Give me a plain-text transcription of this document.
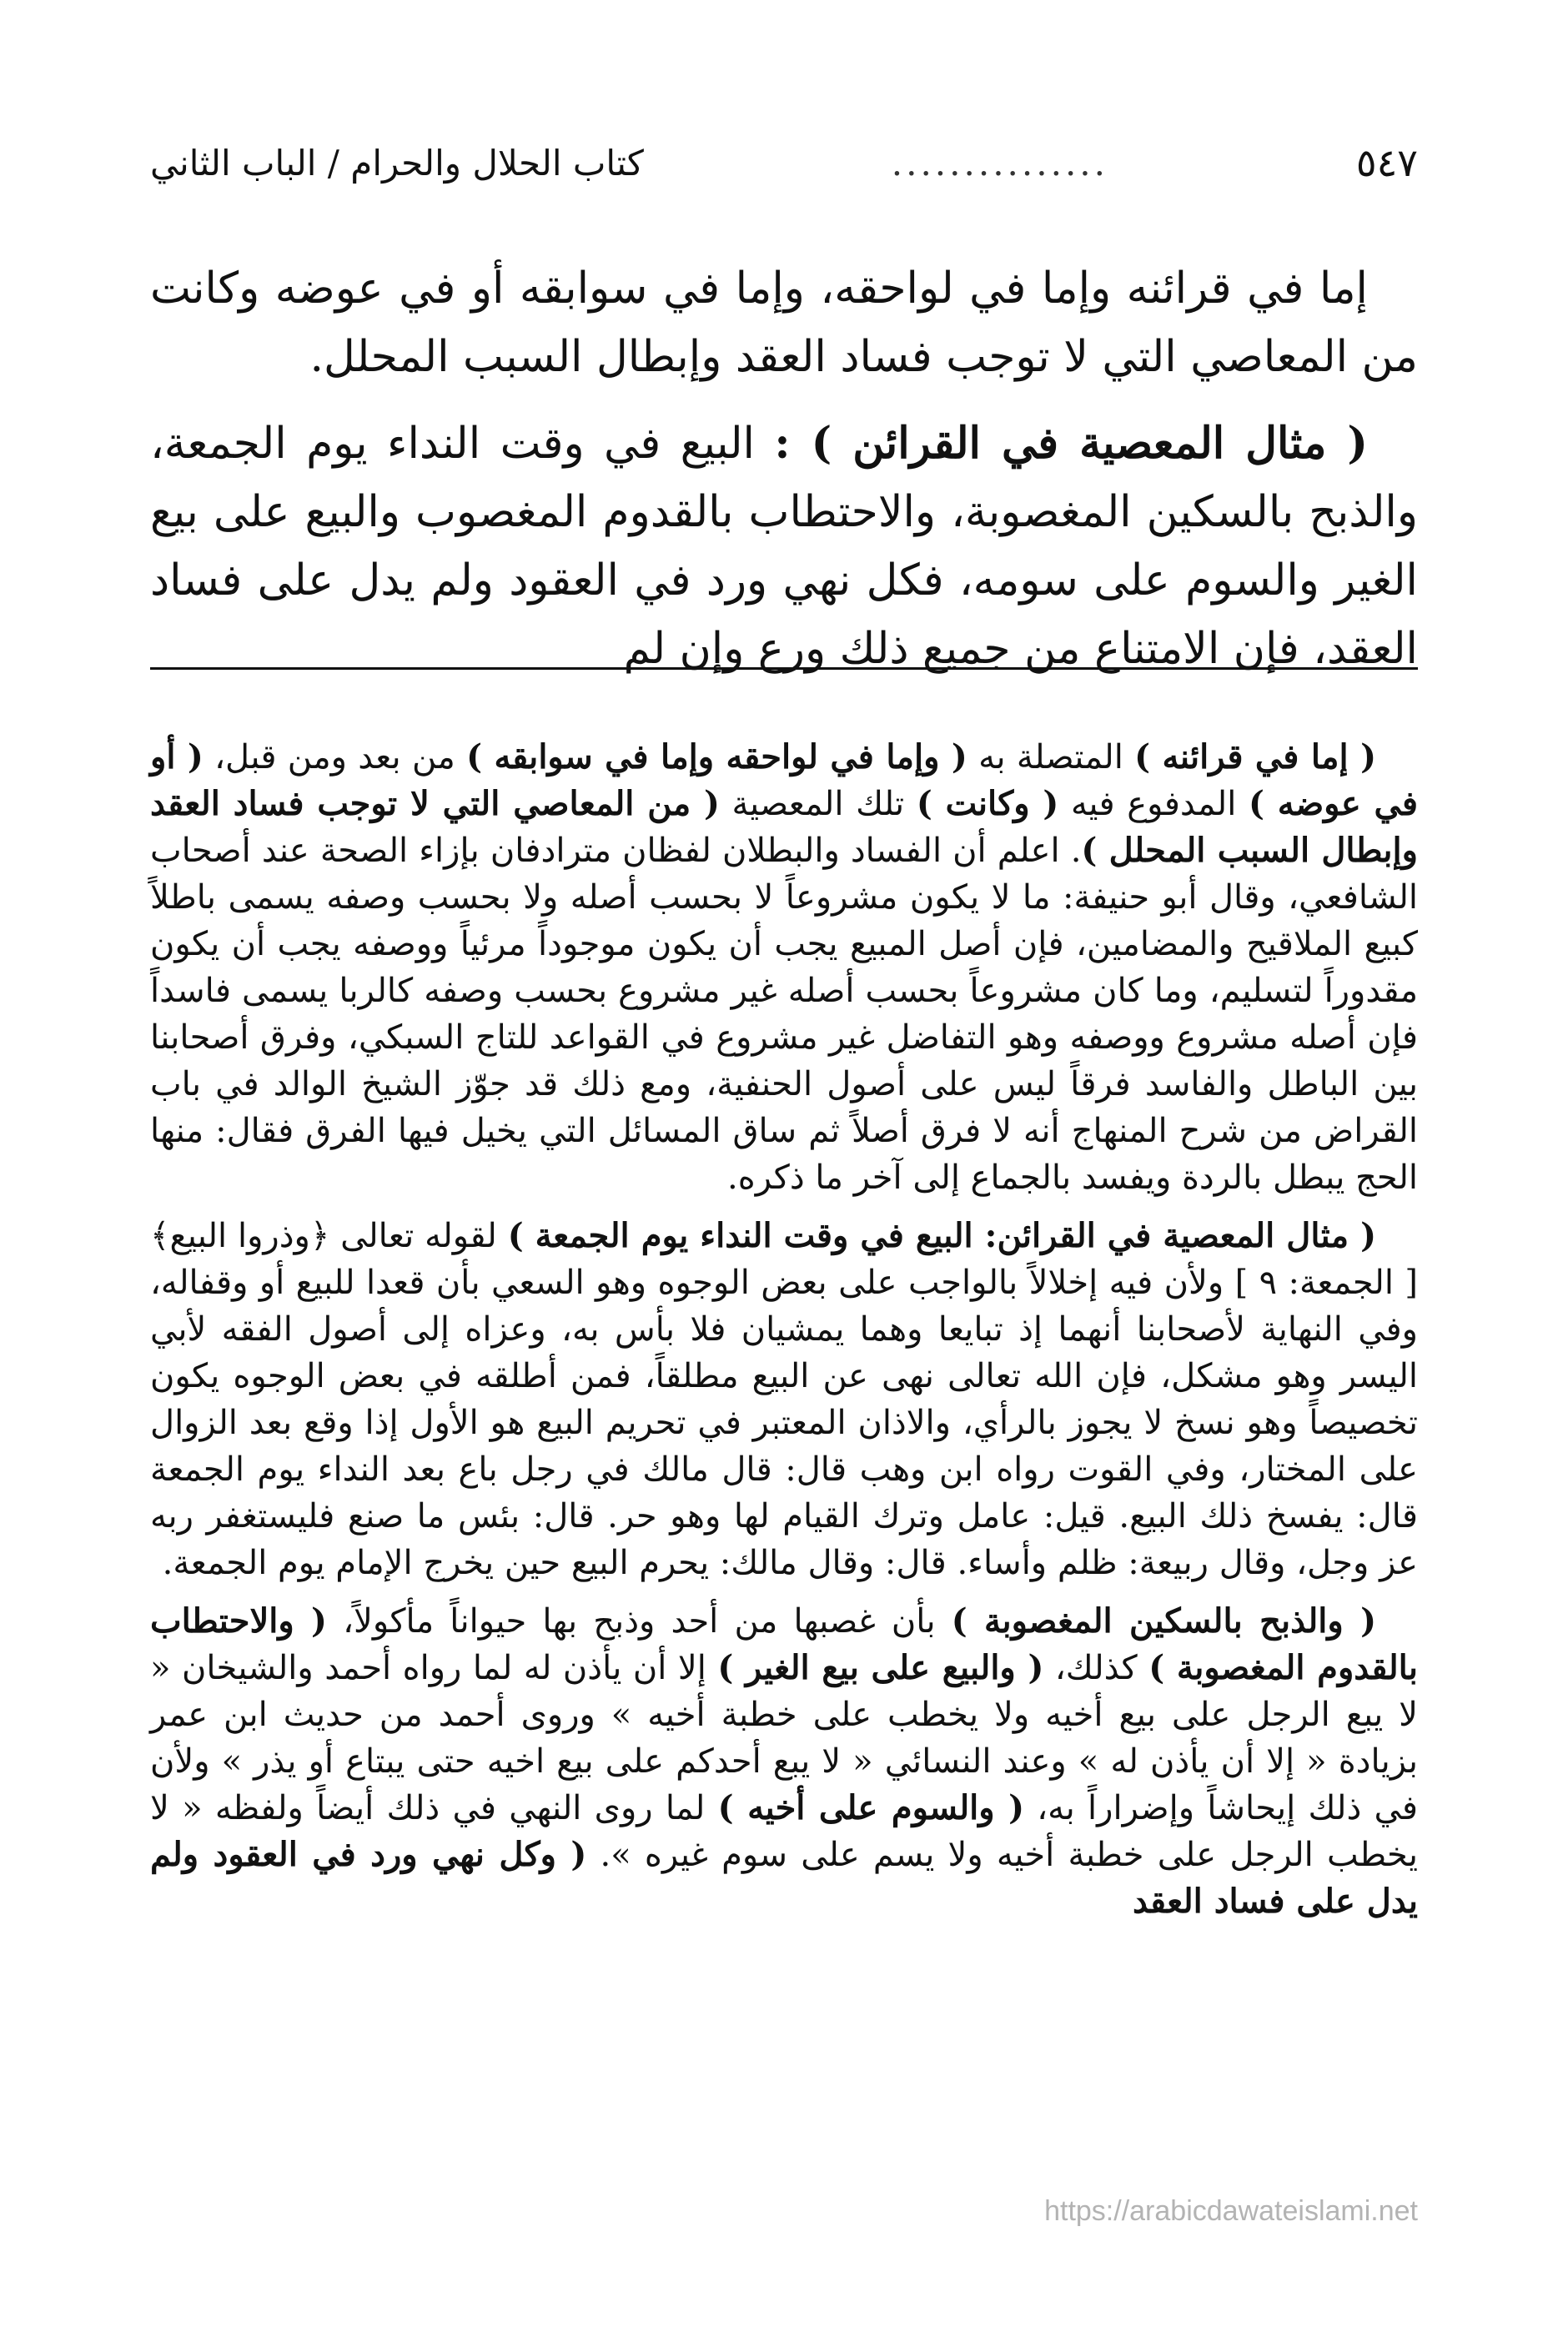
كتاب الحلال والحرام / الباب الثاني	...............	٥٤٧

إما في قرائنه وإما في لواحقه، وإما في سوابقه أو في عوضه وكانت من المعاصي التي لا توجب فساد العقد وإبطال السبب المحلل.

( مثال المعصية في القرائن ) : البيع في وقت النداء يوم الجمعة، والذبح بالسكين المغصوبة، والاحتطاب بالقدوم المغصوب والبيع على بيع الغير والسوم على سومه، فكل نهي ورد في العقود ولم يدل على فساد العقد، فإن الامتناع من جميع ذلك ورع وإن لم

( إما في قرائنه ) المتصلة به ( وإما في لواحقه وإما في سوابقه ) من بعد ومن قبل، ( أو في عوضه ) المدفوع فيه ( وكانت ) تلك المعصية ( من المعاصي التي لا توجب فساد العقد وإبطال السبب المحلل ). اعلم أن الفساد والبطلان لفظان مترادفان بإزاء الصحة عند أصحاب الشافعي، وقال أبو حنيفة: ما لا يكون مشروعاً لا بحسب أصله ولا بحسب وصفه يسمى باطلاً كبيع الملاقيح والمضامين، فإن أصل المبيع يجب أن يكون موجوداً مرئياً ووصفه يجب أن يكون مقدوراً لتسليم، وما كان مشروعاً بحسب أصله غير مشروع بحسب وصفه كالربا يسمى فاسداً فإن أصله مشروع ووصفه وهو التفاضل غير مشروع في القواعد للتاج السبكي، وفرق أصحابنا بين الباطل والفاسد فرقاً ليس على أصول الحنفية، ومع ذلك قد جوّز الشيخ الوالد في باب القراض من شرح المنهاج أنه لا فرق أصلاً ثم ساق المسائل التي يخيل فيها الفرق فقال: منها الحج يبطل بالردة ويفسد بالجماع إلى آخر ما ذكره.

( مثال المعصية في القرائن: البيع في وقت النداء يوم الجمعة ) لقوله تعالى ﴿وذروا البيع﴾ [ الجمعة: ٩ ] ولأن فيه إخلالاً بالواجب على بعض الوجوه وهو السعي بأن قعدا للبيع أو وقفاله، وفي النهاية لأصحابنا أنهما إذ تبايعا وهما يمشيان فلا بأس به، وعزاه إلى أصول الفقه لأبي اليسر وهو مشكل، فإن الله تعالى نهى عن البيع مطلقاً، فمن أطلقه في بعض الوجوه يكون تخصيصاً وهو نسخ لا يجوز بالرأي، والاذان المعتبر في تحريم البيع هو الأول إذا وقع بعد الزوال على المختار، وفي القوت رواه ابن وهب قال: قال مالك في رجل باع بعد النداء يوم الجمعة قال: يفسخ ذلك البيع. قيل: عامل وترك القيام لها وهو حر. قال: بئس ما صنع فليستغفر ربه عز وجل، وقال ربيعة: ظلم وأساء. قال: وقال مالك: يحرم البيع حين يخرج الإمام يوم الجمعة.

( والذبح بالسكين المغصوبة ) بأن غصبها من أحد وذبح بها حيواناً مأكولاً، ( والاحتطاب بالقدوم المغصوبة ) كذلك، ( والبيع على بيع الغير ) إلا أن يأذن له لما رواه أحمد والشيخان « لا يبع الرجل على بيع أخيه ولا يخطب على خطبة أخيه » وروى أحمد من حديث ابن عمر بزيادة « إلا أن يأذن له » وعند النسائي « لا يبع أحدكم على بيع اخيه حتى يبتاع أو يذر » ولأن في ذلك إيحاشاً وإضراراً به، ( والسوم على أخيه ) لما روى النهي في ذلك أيضاً ولفظه « لا يخطب الرجل على خطبة أخيه ولا يسم على سوم غيره ». ( وكل نهي ورد في العقود ولم يدل على فساد العقد

https://arabicdawateislami.net
